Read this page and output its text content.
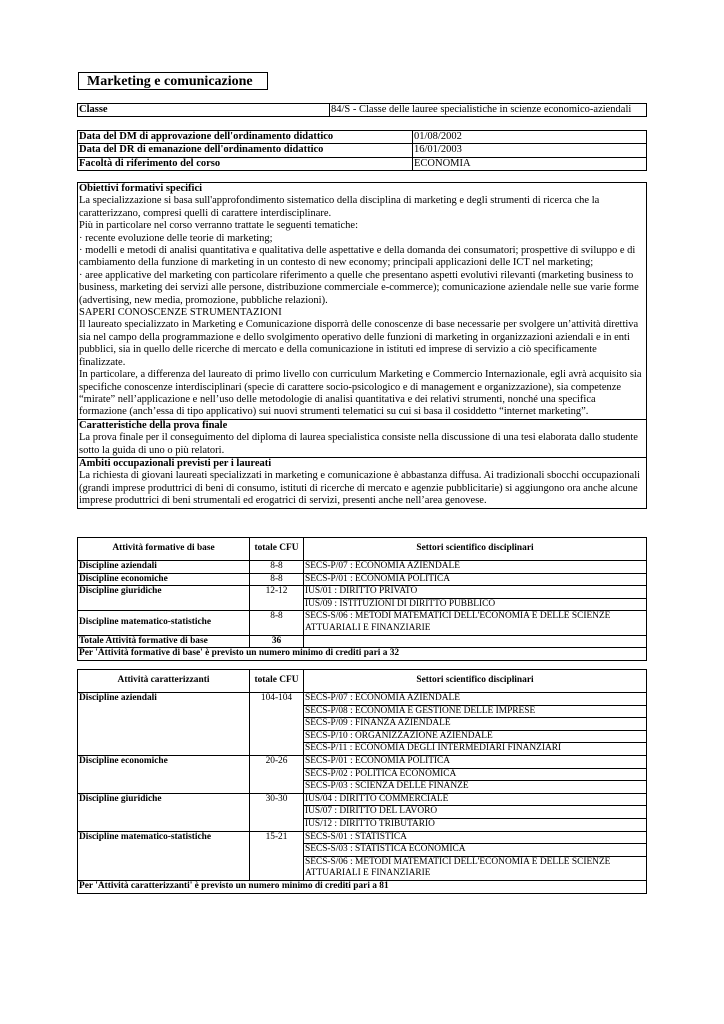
Marketing e comunicazione
Classe	84/S - Classe delle lauree specialistiche in scienze economico-aziendali
Data del DM di approvazione dell'ordinamento didattico	01/08/2002
Data del DR di emanazione dell'ordinamento didattico	16/01/2003
Facoltà di riferimento del corso	ECONOMIA

Obiettivi formativi specifici

La specializzazione si basa sull'approfondimento sistematico della disciplina di marketing e degli strumenti di ricerca che la caratterizzano, compresi quelli di carattere interdisciplinare.

Più in particolare nel corso verranno trattate le seguenti tematiche:

· recente evoluzione delle teorie di marketing;

· modelli e metodi di analisi quantitativa e qualitativa delle aspettative e della domanda dei consumatori; prospettive di sviluppo e di cambiamento della funzione di marketing in un contesto di new economy; principali applicazioni delle ICT nel marketing;

· aree applicative del marketing con particolare riferimento a quelle che presentano aspetti evolutivi rilevanti (marketing business to business, marketing dei servizi alle persone, distribuzione commerciale e-commerce); comunicazione aziendale nelle sue varie forme (advertising, new media, promozione, pubbliche relazioni).

SAPERI CONOSCENZE STRUMENTAZIONI

Il laureato specializzato in Marketing e Comunicazione disporrà delle conoscenze di base necessarie per svolgere un’attività direttiva sia nel campo della programmazione e dello svolgimento operativo delle funzioni di marketing in organizzazioni aziendali e in enti pubblici, sia in quello delle ricerche di mercato e della comunicazione in istituti ed imprese di servizio a ciò specificamente finalizzate.

In particolare, a differenza del laureato di primo livello con curriculum Marketing e Commercio Internazionale, egli avrà acquisito sia specifiche conoscenze interdisciplinari (specie di carattere socio-psicologico e di management e organizzazione), sia competenze “mirate” nell’applicazione e nell’uso delle metodologie di analisi quantitativa e dei relativi strumenti, nonché una specifica formazione (anch’essa di tipo applicativo) sui nuovi strumenti telematici su cui si basa il cosiddetto “internet marketing”.

Caratteristiche della prova finale

La prova finale per il conseguimento del diploma di laurea specialistica consiste nella discussione di una tesi elaborata dallo studente sotto la guida di uno o più relatori.

Ambiti occupazionali previsti per i laureati

La richiesta di giovani laureati specializzati in marketing e comunicazione è abbastanza diffusa. Ai tradizionali sbocchi occupazionali (grandi imprese produttrici di beni di consumo, istituti di ricerche di mercato e agenzie pubblicitarie) si aggiungono ora anche alcune imprese produttrici di beni strumentali ed erogatrici di servizi, presenti anche nell’area genovese.

Attività formative di base	totale CFU	Settori scientifico disciplinari
Discipline aziendali	8-8	SECS-P/07 : ECONOMIA AZIENDALE
Discipline economiche	8-8	SECS-P/01 : ECONOMIA POLITICA
Discipline giuridiche	12-12	IUS/01 : DIRITTO PRIVATO
		IUS/09 : ISTITUZIONI DI DIRITTO PUBBLICO
Discipline matematico-statistiche	8-8	SECS-S/06 : METODI MATEMATICI DELL'ECONOMIA E DELLE SCIENZE ATTUARIALI E FINANZIARIE
Totale Attività formative di base	36	
Per 'Attività formative di base' è previsto un numero minimo di crediti pari a 32		
Attività caratterizzanti	totale CFU	Settori scientifico disciplinari
Discipline aziendali	104-104	SECS-P/07 : ECONOMIA AZIENDALE
		SECS-P/08 : ECONOMIA E GESTIONE DELLE IMPRESE
		SECS-P/09 : FINANZA AZIENDALE
		SECS-P/10 : ORGANIZZAZIONE AZIENDALE
		SECS-P/11 : ECONOMIA DEGLI INTERMEDIARI FINANZIARI
Discipline economiche	20-26	SECS-P/01 : ECONOMIA POLITICA
		SECS-P/02 : POLITICA ECONOMICA
		SECS-P/03 : SCIENZA DELLE FINANZE
Discipline giuridiche	30-30	IUS/04 : DIRITTO COMMERCIALE
		IUS/07 : DIRITTO DEL LAVORO
		IUS/12 : DIRITTO TRIBUTARIO
Discipline matematico-statistiche	15-21	SECS-S/01 : STATISTICA
		SECS-S/03 : STATISTICA ECONOMICA
		SECS-S/06 : METODI MATEMATICI DELL'ECONOMIA E DELLE SCIENZE ATTUARIALI E FINANZIARIE
Per 'Attività caratterizzanti' è previsto un numero minimo di crediti pari a 81		
